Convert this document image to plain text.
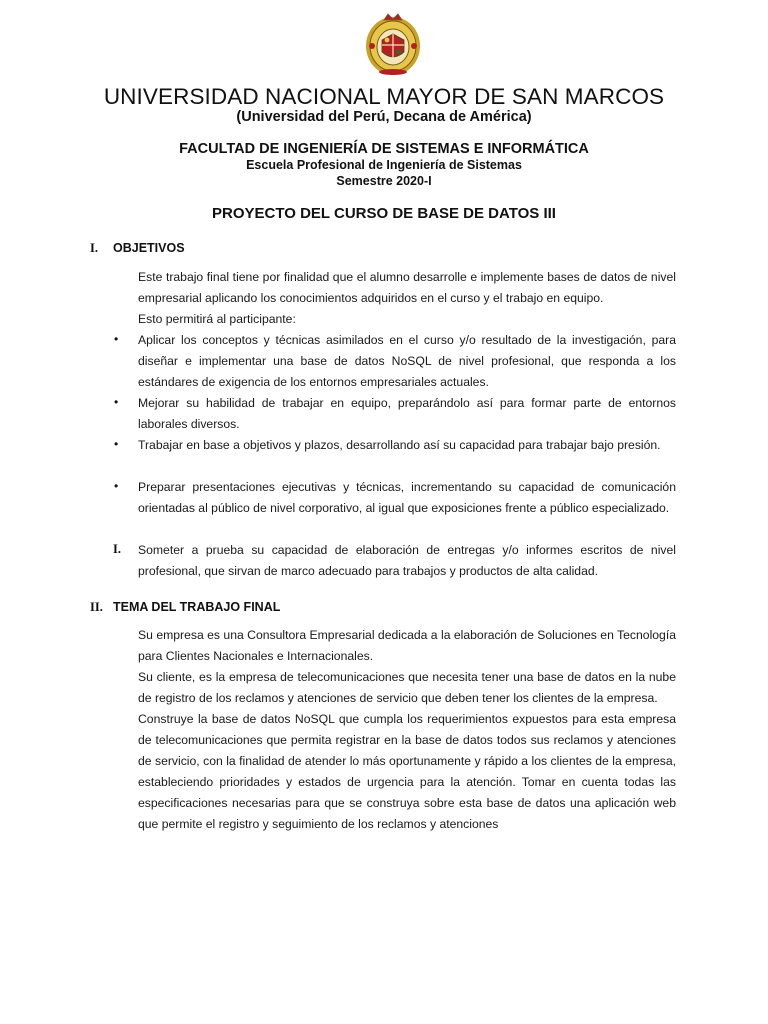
UNIVERSIDAD NACIONAL MAYOR DE SAN MARCOS
(Universidad del Perú, Decana de América)
FACULTAD DE INGENIERÍA DE SISTEMAS E INFORMÁTICA
Escuela Profesional de Ingeniería de Sistemas
Semestre 2020-I
PROYECTO DEL CURSO DE BASE DE DATOS III
I. OBJETIVOS

Este trabajo final tiene por finalidad que el alumno desarrolle e implemente bases de datos de nivel empresarial aplicando los conocimientos adquiridos en el curso y el trabajo en equipo.

Esto permitirá al participante:

• Aplicar los conceptos y técnicas asimilados en el curso y/o resultado de la investigación, para diseñar e implementar una base de datos NoSQL de nivel profesional, que responda a los estándares de exigencia de los entornos empresariales actuales.
• Mejorar su habilidad de trabajar en equipo, preparándolo así para formar parte de entornos laborales diversos.
• Trabajar en base a objetivos y plazos, desarrollando así su capacidad para trabajar bajo presión.
• Preparar presentaciones ejecutivas y técnicas, incrementando su capacidad de comunicación orientadas al público de nivel corporativo, al igual que exposiciones frente a público especializado.
I. Someter a prueba su capacidad de elaboración de entregas y/o informes escritos de nivel profesional, que sirvan de marco adecuado para trabajos y productos de alta calidad.
II. TEMA DEL TRABAJO FINAL

Su empresa es una Consultora Empresarial dedicada a la elaboración de Soluciones en Tecnología para Clientes Nacionales e Internacionales.

Su cliente, es la empresa de telecomunicaciones que necesita tener una base de datos en la nube de registro de los reclamos y atenciones de servicio que deben tener los clientes de la empresa.

Construye la base de datos NoSQL que cumpla los requerimientos expuestos para esta empresa de telecomunicaciones que permita registrar en la base de datos todos sus reclamos y atenciones de servicio, con la finalidad de atender lo más oportunamente y rápido a los clientes de la empresa, estableciendo prioridades y estados de urgencia para la atención. Tomar en cuenta todas las especificaciones necesarias para que se construya sobre esta base de datos una aplicación web que permite el registro y seguimiento de los reclamos y atenciones
